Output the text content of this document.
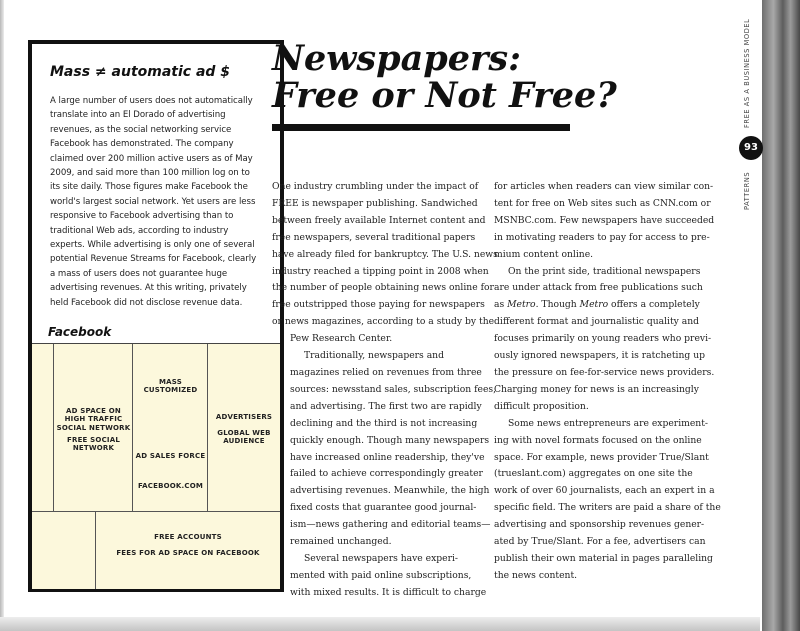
Mass ≠ automatic ad $

A large number of users does not automatically translate into an El Dorado of advertising revenues, as the social networking service Facebook has demonstrated. The company claimed over 200 million active users as of May 2009, and said more than 100 million log on to its site daily. Those figures make Facebook the world's largest social network. Yet users are less responsive to Facebook advertising than to traditional Web ads, according to industry experts. While advertising is only one of several potential Revenue Streams for Facebook, clearly a mass of users does not guarantee huge advertising revenues. At this writing, privately held Facebook did not disclose revenue data.

Facebook
AD SPACE ON
HIGH TRAFFIC
SOCIAL NETWORK
FREE SOCIAL
NETWORK
MASS
CUSTOMIZED
AD SALES FORCE
FACEBOOK.COM
ADVERTISERS
GLOBAL WEB
AUDIENCE
FREE ACCOUNTS
FEES FOR AD SPACE ON FACEBOOK
Newspapers:
Free or Not Free?

One industry crumbling under the impact of

FREE is newspaper publishing. Sandwiched

between freely available Internet content and

free newspapers, several traditional papers

have already filed for bankruptcy. The U.S. news

industry reached a tipping point in 2008 when

the number of people obtaining news online for

free outstripped those paying for newspapers

or news magazines, according to a study by the

Pew Research Center.

Traditionally, newspapers and

magazines relied on revenues from three

sources: newsstand sales, subscription fees,

and advertising. The first two are rapidly

declining and the third is not increasing

quickly enough. Though many newspapers

have increased online readership, they've

failed to achieve correspondingly greater

advertising revenues. Meanwhile, the high

fixed costs that guarantee good journal-

ism—news gathering and editorial teams—

remained unchanged.

Several newspapers have experi-

mented with paid online subscriptions,

with mixed results. It is difficult to charge

for articles when readers can view similar con-

tent for free on Web sites such as CNN.com or

MSNBC.com. Few newspapers have succeeded

in motivating readers to pay for access to pre-

mium content online.

On the print side, traditional newspapers

are under attack from free publications such

as Metro. Though Metro offers a completely

different format and journalistic quality and

focuses primarily on young readers who previ-

ously ignored newspapers, it is ratcheting up

the pressure on fee-for-service news providers.

Charging money for news is an increasingly

difficult proposition.

Some news entrepreneurs are experiment-

ing with novel formats focused on the online

space. For example, news provider True/Slant

(trueslant.com) aggregates on one site the

work of over 60 journalists, each an expert in a

specific field. The writers are paid a share of the

advertising and sponsorship revenues gener-

ated by True/Slant. For a fee, advertisers can

publish their own material in pages paralleling

the news content.

FREE AS A BUSINESS MODEL
93
PATTERNS
